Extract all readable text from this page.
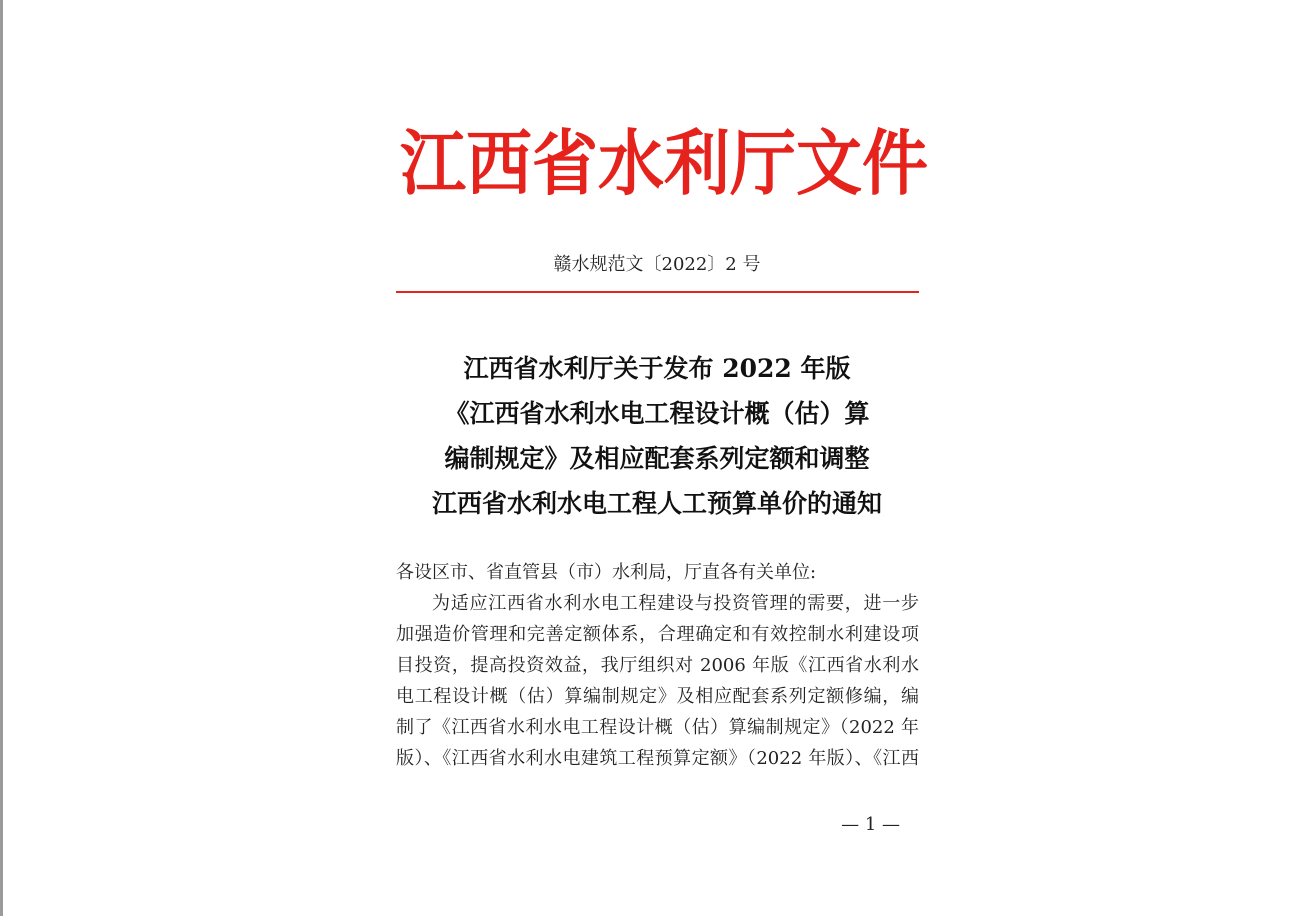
江 西 省 水 利 厅 文 件
赣水规范文〔2022〕2 号
江西省水利厅关于发布 2022 年版
《江西省水利水电工程设计概（估）算
编制规定》及相应配套系列定额和调整
江西省水利水电工程人工预算单价的通知
各设区市、省直管县（市）水利局，厅直各有关单位:
为适应江西省水利水电工程建设与投资管理的需要，进一步
加强造价管理和完善定额体系，合理确定和有效控制水利建设项
目投资，提高投资效益，我厅组织对 2006 年版《江西省水利水
电工程设计概（估）算编制规定》及相应配套系列定额修编，编
制了《江西省水利水电工程设计概（估）算编制规定》（2022 年
版）、《江西省水利水电建筑工程预算定额》（2022 年版）、《江西
— 1 —
